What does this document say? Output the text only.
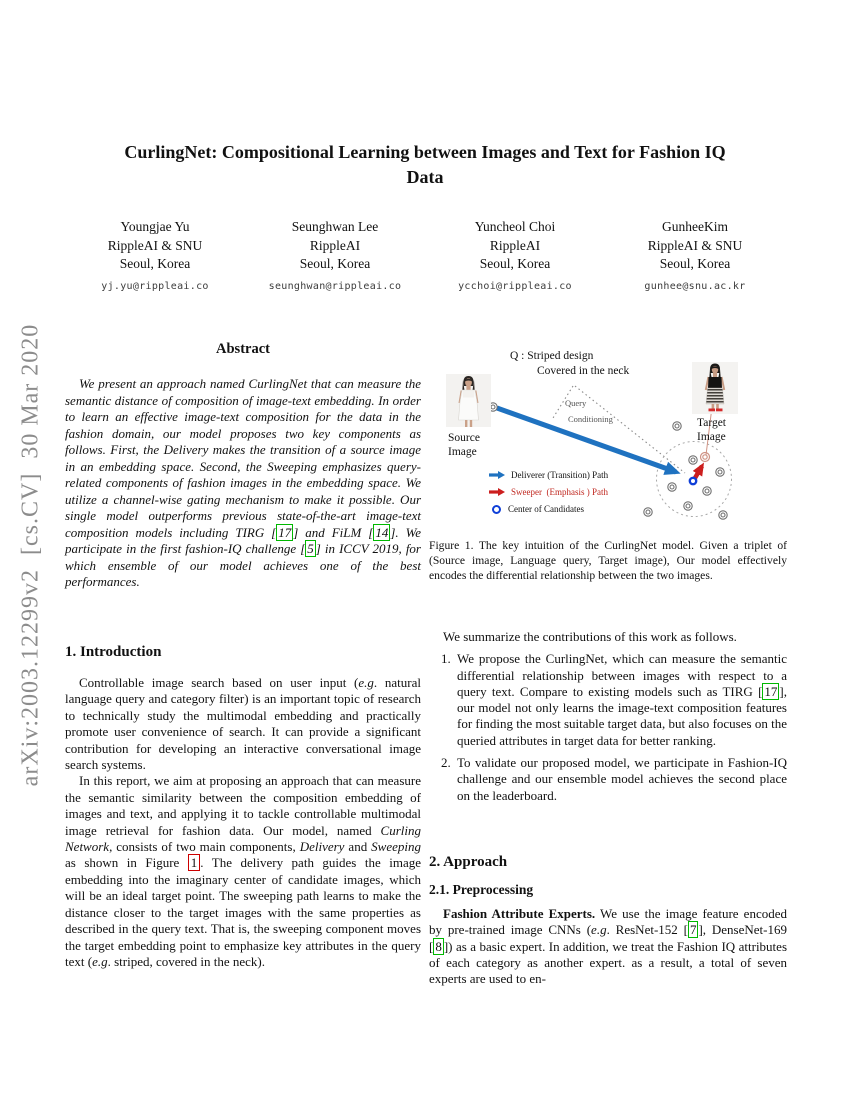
arXiv:2003.12299v2  [cs.CV]  30 Mar 2020
CurlingNet: Compositional Learning between Images and Text for Fashion IQ
Data
Youngjae Yu
RippleAI & SNU
Seoul, Korea
yj.yu@rippleai.co
Seunghwan Lee
RippleAI
Seoul, Korea
seunghwan@rippleai.co
Yuncheol Choi
RippleAI
Seoul, Korea
ycchoi@rippleai.co
GunheeKim
RippleAI & SNU
Seoul, Korea
gunhee@snu.ac.kr
Abstract
We present an approach named CurlingNet that can measure the semantic distance of composition of image-text embedding. In order to learn an effective image-text composition for the data in the fashion domain, our model proposes two key components as follows. First, the Delivery makes the transition of a source image in an embedding space. Second, the Sweeping emphasizes query-related components of fashion images in the embedding space. We utilize a channel-wise gating mechanism to make it possible. Our single model outperforms previous state-of-the-art image-text composition models including TIRG [ 17 ] and FiLM [ 14 ]. We participate in the first fashion-IQ challenge [ 5 ] in ICCV 2019, for which ensemble of our model achieves one of the best performances.
1. Introduction

Controllable image search based on user input (e.g. natural language query and category filter) is an important topic of research to technically study the multimodal embedding and practically promote user convenience of search. It can provide a significant contribution for developing an interactive conversational image search systems.

In this report, we aim at proposing an approach that can measure the semantic similarity between the composition embedding of images and text, and applying it to tackle controllable multimodal image retrieval for fashion data. Our model, named Curling Network, consists of two main components, Delivery and Sweeping as shown in Figure 1 . The delivery path guides the image embedding into the imaginary center of candidate images, which will be an ideal target point. The sweeping path learns to make the distance closer to the target images with the same properties as described in the query text. That is, the sweeping component moves the target embedding point to emphasize key attributes in the query text (e.g. striped, covered in the neck).

Q : Striped design
Covered in the neck
Query
Conditioning
Source Image
Target Image
Deliverer (Transition) Path
Sweeper  (Emphasis ) Path
Center of Candidates
Figure 1. The key intuition of the CurlingNet model. Given a triplet of (Source image, Language query, Target image), Our model effectively encodes the differential relationship between the two images.

We summarize the contributions of this work as follows.

1. We propose the CurlingNet, which can measure the semantic differential relationship between images with respect to a query text. Compare to existing models such as TIRG [ 17 ], our model not only learns the image-text composition features for finding the most suitable target data, but also focuses on the queried attributes in target data for better ranking.
2. To validate our proposed model, we participate in Fashion-IQ challenge and our ensemble model achieves the second place on the leaderboard.
2. Approach
2.1. Preprocessing
Fashion Attribute Experts. We use the image feature encoded by pre-trained image CNNs (e.g. ResNet-152 [ 7 ], DenseNet-169 [ 8 ]) as a basic expert. In addition, we treat the Fashion IQ attributes of each category as another expert. as a result, a total of seven experts are used to en-
